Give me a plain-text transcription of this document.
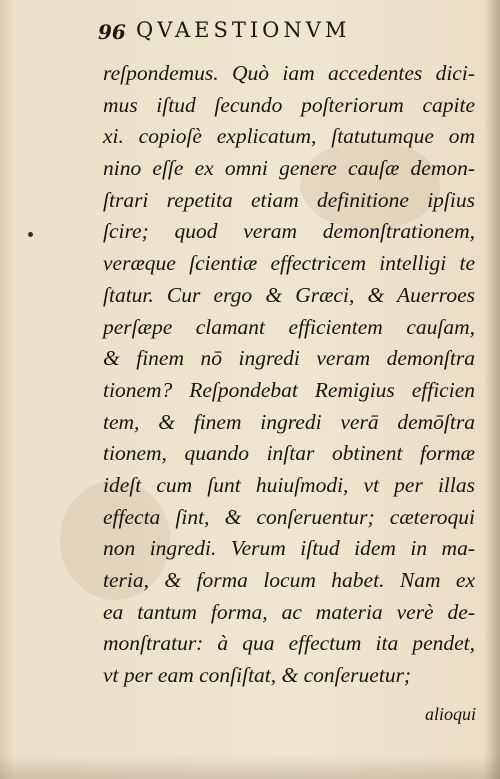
96 QVAESTIONVM
reſpondemus. Quò iam accedentes dici-
mus iſtud ſecundo poſteriorum capite
xi. copioſè explicatum, ſtatutumque om
nino eſſe ex omni genere cauſæ demon-
ſtrari repetita etiam definitione ipſius
ſcire; quod veram demonſtrationem,
veræque ſcientiæ effectricem intelligi te
ſtatur. Cur ergo & Græci, & Auerroes
perſæpe clamant efficientem cauſam,
& finem nō ingredi veram demonſtra
tionem? Reſpondebat Remigius efficien
tem, & finem ingredi verā demōſtra
tionem, quando inſtar obtinent formæ
ideſt cum ſunt huiuſmodi, vt per illas
effecta ſint, & conſeruentur; cæteroqui
non ingredi. Verum iſtud idem in ma-
teria, & forma locum habet. Nam ex
ea tantum forma, ac materia verè de-
monſtratur: à qua effectum ita pendet,
vt per eam conſiſtat, & conſeruetur;
alioqui
